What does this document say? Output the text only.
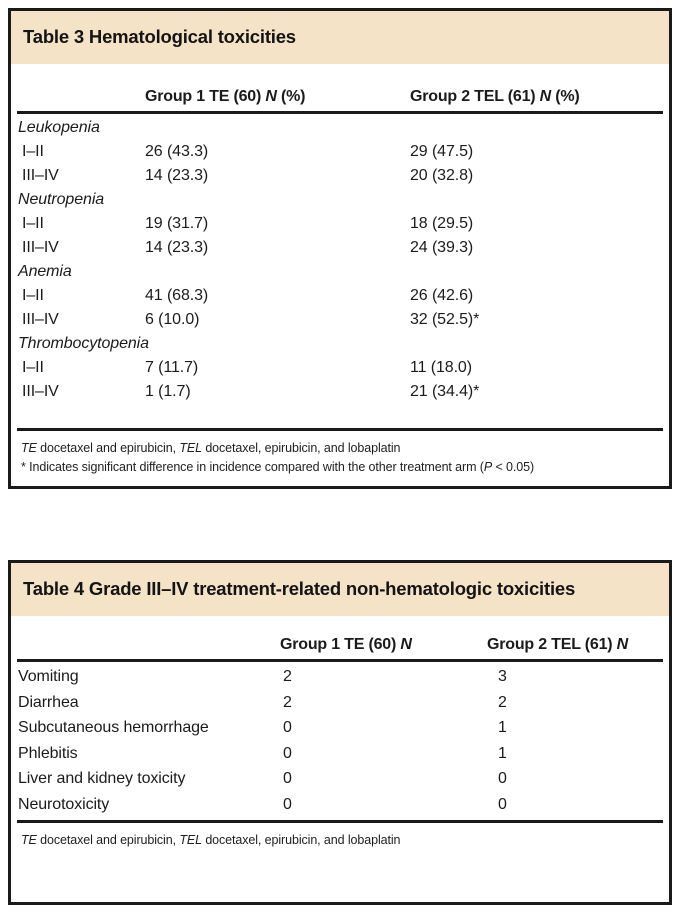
Table 3 Hematological toxicities
Group 1 TE (60) N (%)	Group 2 TEL (61) N (%)
Leukopenia
I–II	26 (43.3)	29 (47.5)
III–IV	14 (23.3)	20 (32.8)
Neutropenia
I–II	19 (31.7)	18 (29.5)
III–IV	14 (23.3)	24 (39.3)
Anemia
I–II	41 (68.3)	26 (42.6)
III–IV	6 (10.0)	32 (52.5)*
Thrombocytopenia
I–II	7 (11.7)	11 (18.0)
III–IV	1 (1.7)	21 (34.4)*
TE docetaxel and epirubicin, TEL docetaxel, epirubicin, and lobaplatin
* Indicates significant difference in incidence compared with the other treatment arm (P < 0.05)
Table 4 Grade III–IV treatment-related non-hematologic toxicities
Group 1 TE (60) N	Group 2 TEL (61) N
Vomiting	2	3
Diarrhea	2	2
Subcutaneous hemorrhage	0	1
Phlebitis	0	1
Liver and kidney toxicity	0	0
Neurotoxicity	0	0
TE docetaxel and epirubicin, TEL docetaxel, epirubicin, and lobaplatin
